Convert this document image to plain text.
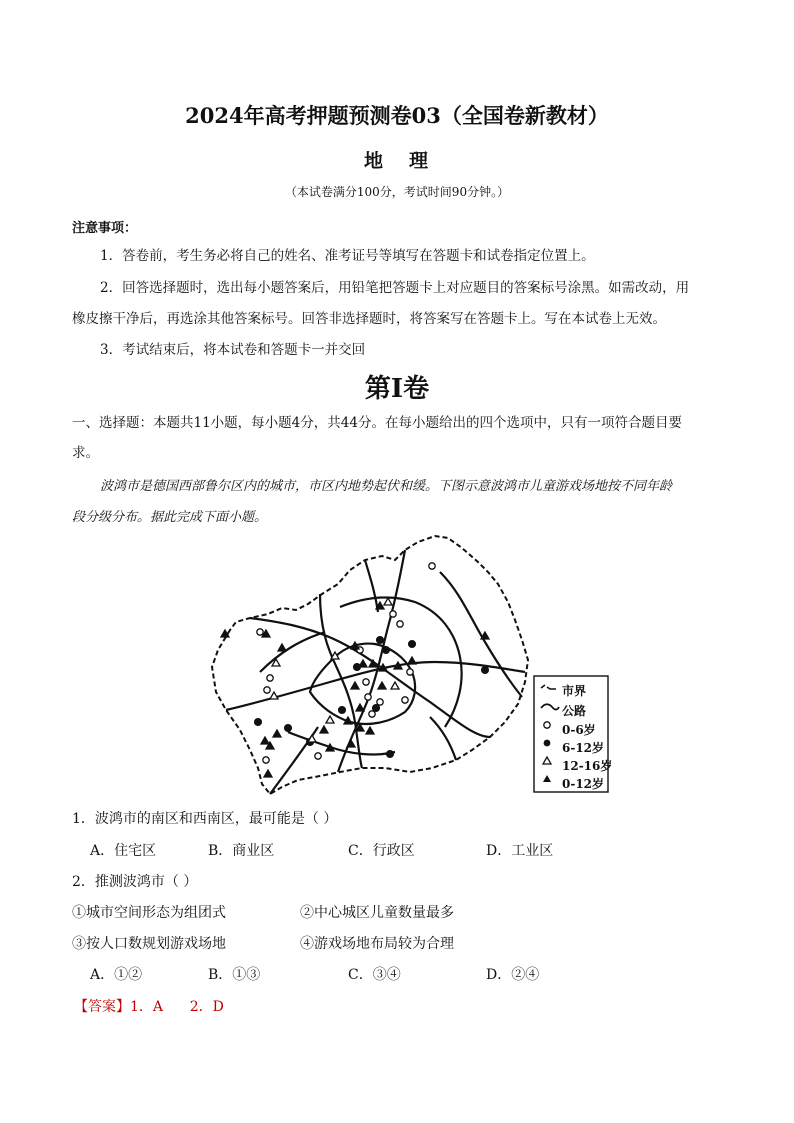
2024年高考押题预测卷03（全国卷新教材）
地 理
（本试卷满分100分，考试时间90分钟。）
注意事项：
1．答卷前，考生务必将自己的姓名、准考证号等填写在答题卡和试卷指定位置上。
2．回答选择题时，选出每小题答案后，用铅笔把答题卡上对应题目的答案标号涂黑。如需改动，用
橡皮擦干净后，再选涂其他答案标号。回答非选择题时，将答案写在答题卡上。写在本试卷上无效。
3．考试结束后，将本试卷和答题卡一并交回
第Ⅰ卷
一、选择题：本题共11小题，每小题4分，共44分。在每小题给出的四个选项中，只有一项符合题目要
求。
波鸿市是德国西部鲁尔区内的城市，市区内地势起伏和缓。下图示意波鸿市儿童游戏场地按不同年龄
段分级分布。据此完成下面小题。
市界
公路
0-6岁
6-12岁
12-16岁
0-12岁
1．波鸿市的南区和西南区，最可能是（ ）
A．住宅区	B．商业区	C．行政区	D．工业区
2．推测波鸿市（ ）
①城市空间形态为组团式	②中心城区儿童数量最多
③按人口数规划游戏场地	④游戏场地布局较为合理
A．①②	B．①③	C．③④	D．②④
【答案】1．A      2．D
